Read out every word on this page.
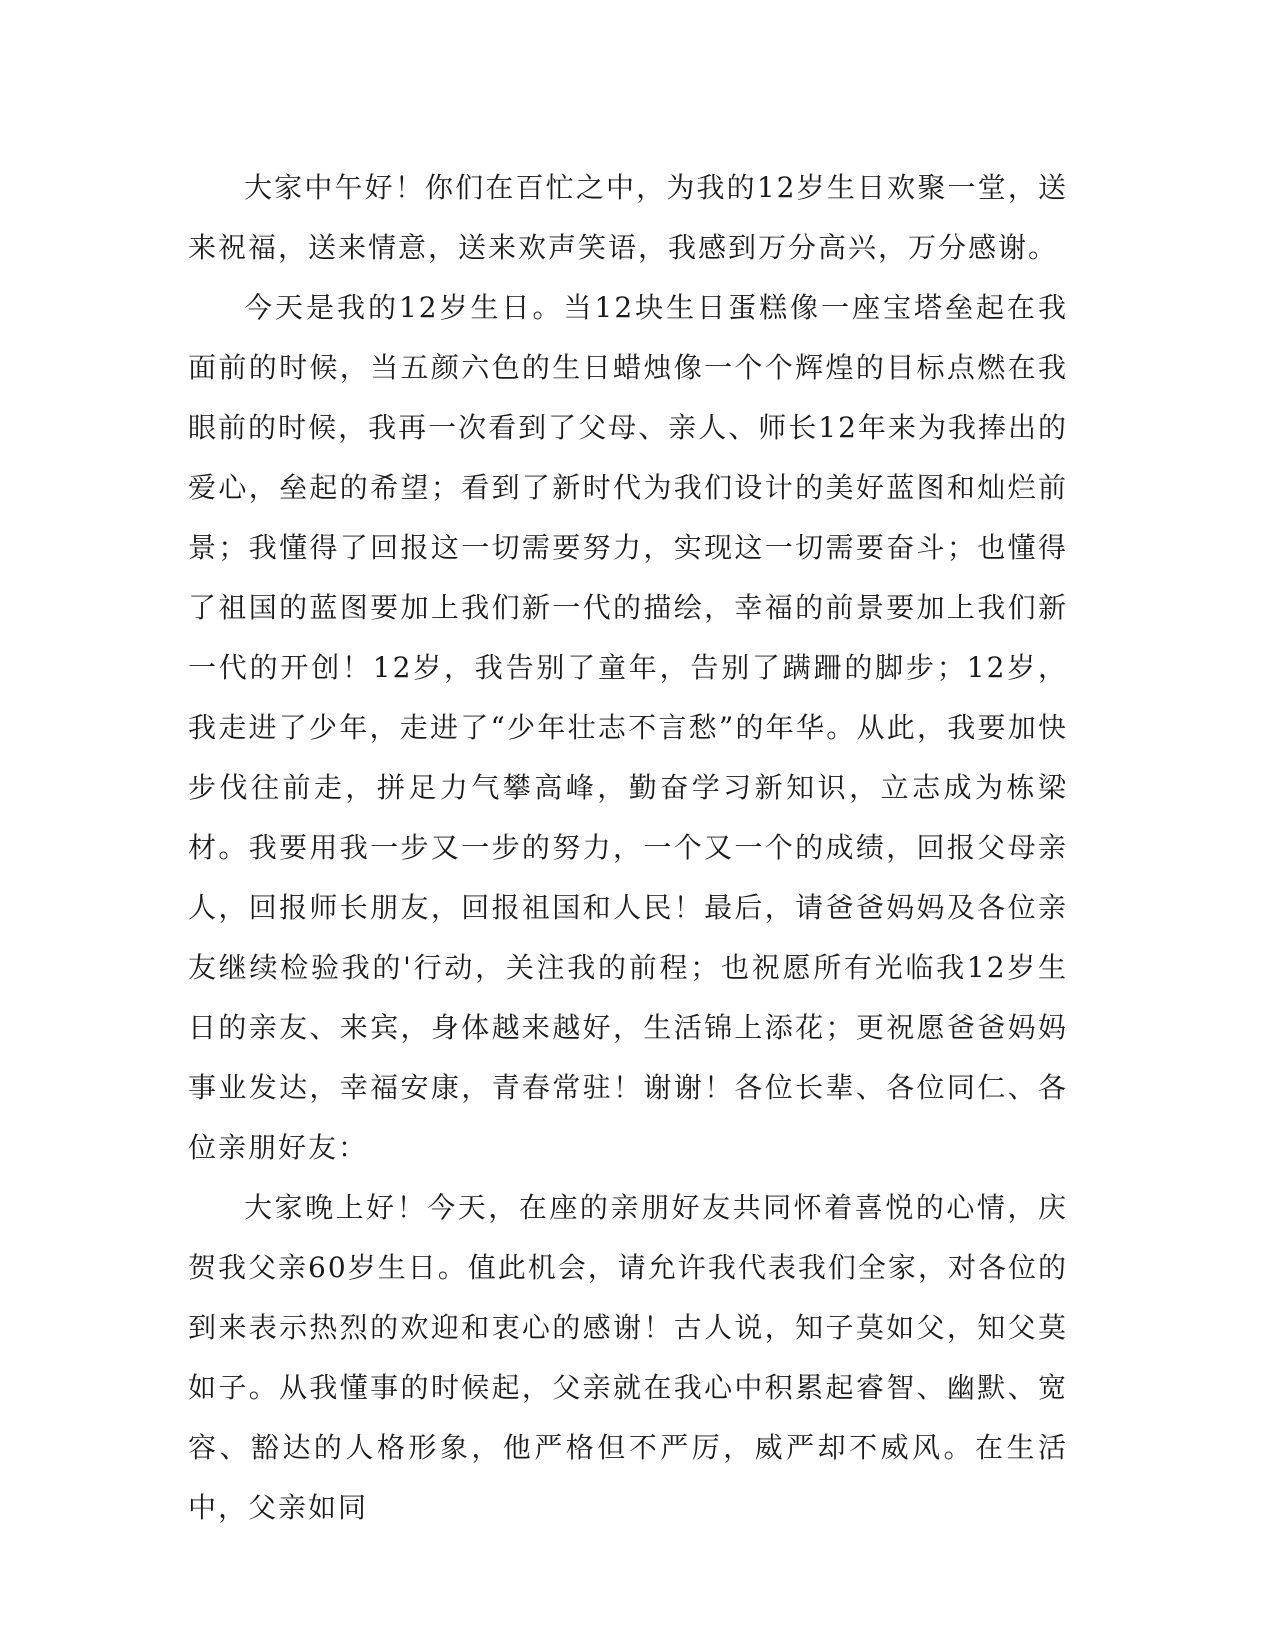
大家中午好！你们在百忙之中，为我的12岁生日欢聚一堂，送来祝福，送来情意，送来欢声笑语，我感到万分高兴，万分感谢。

今天是我的12岁生日。当12块生日蛋糕像一座宝塔垒起在我面前的时候，当五颜六色的生日蜡烛像一个个辉煌的目标点燃在我眼前的时候，我再一次看到了父母、亲人、师长12年来为我捧出的爱心，垒起的希望；看到了新时代为我们设计的美好蓝图和灿烂前景；我懂得了回报这一切需要努力，实现这一切需要奋斗；也懂得了祖国的蓝图要加上我们新一代的描绘，幸福的前景要加上我们新一代的开创！12岁，我告别了童年，告别了蹒跚的脚步；12岁，我走进了少年，走进了“少年壮志不言愁”的年华。从此，我要加快步伐往前走，拼足力气攀高峰，勤奋学习新知识，立志成为栋梁材。我要用我一步又一步的努力，一个又一个的成绩，回报父母亲人，回报师长朋友，回报祖国和人民！最后，请爸爸妈妈及各位亲友继续检验我的'行动，关注我的前程；也祝愿所有光临我12岁生日的亲友、来宾，身体越来越好，生活锦上添花；更祝愿爸爸妈妈事业发达，幸福安康，青春常驻！谢谢！各位长辈、各位同仁、各位亲朋好友：

大家晚上好！今天，在座的亲朋好友共同怀着喜悦的心情，庆贺我父亲60岁生日。值此机会，请允许我代表我们全家，对各位的到来表示热烈的欢迎和衷心的感谢！古人说，知子莫如父，知父莫如子。从我懂事的时候起，父亲就在我心中积累起睿智、幽默、宽容、豁达的人格形象，他严格但不严厉，威严却不威风。在生活中，父亲如同
